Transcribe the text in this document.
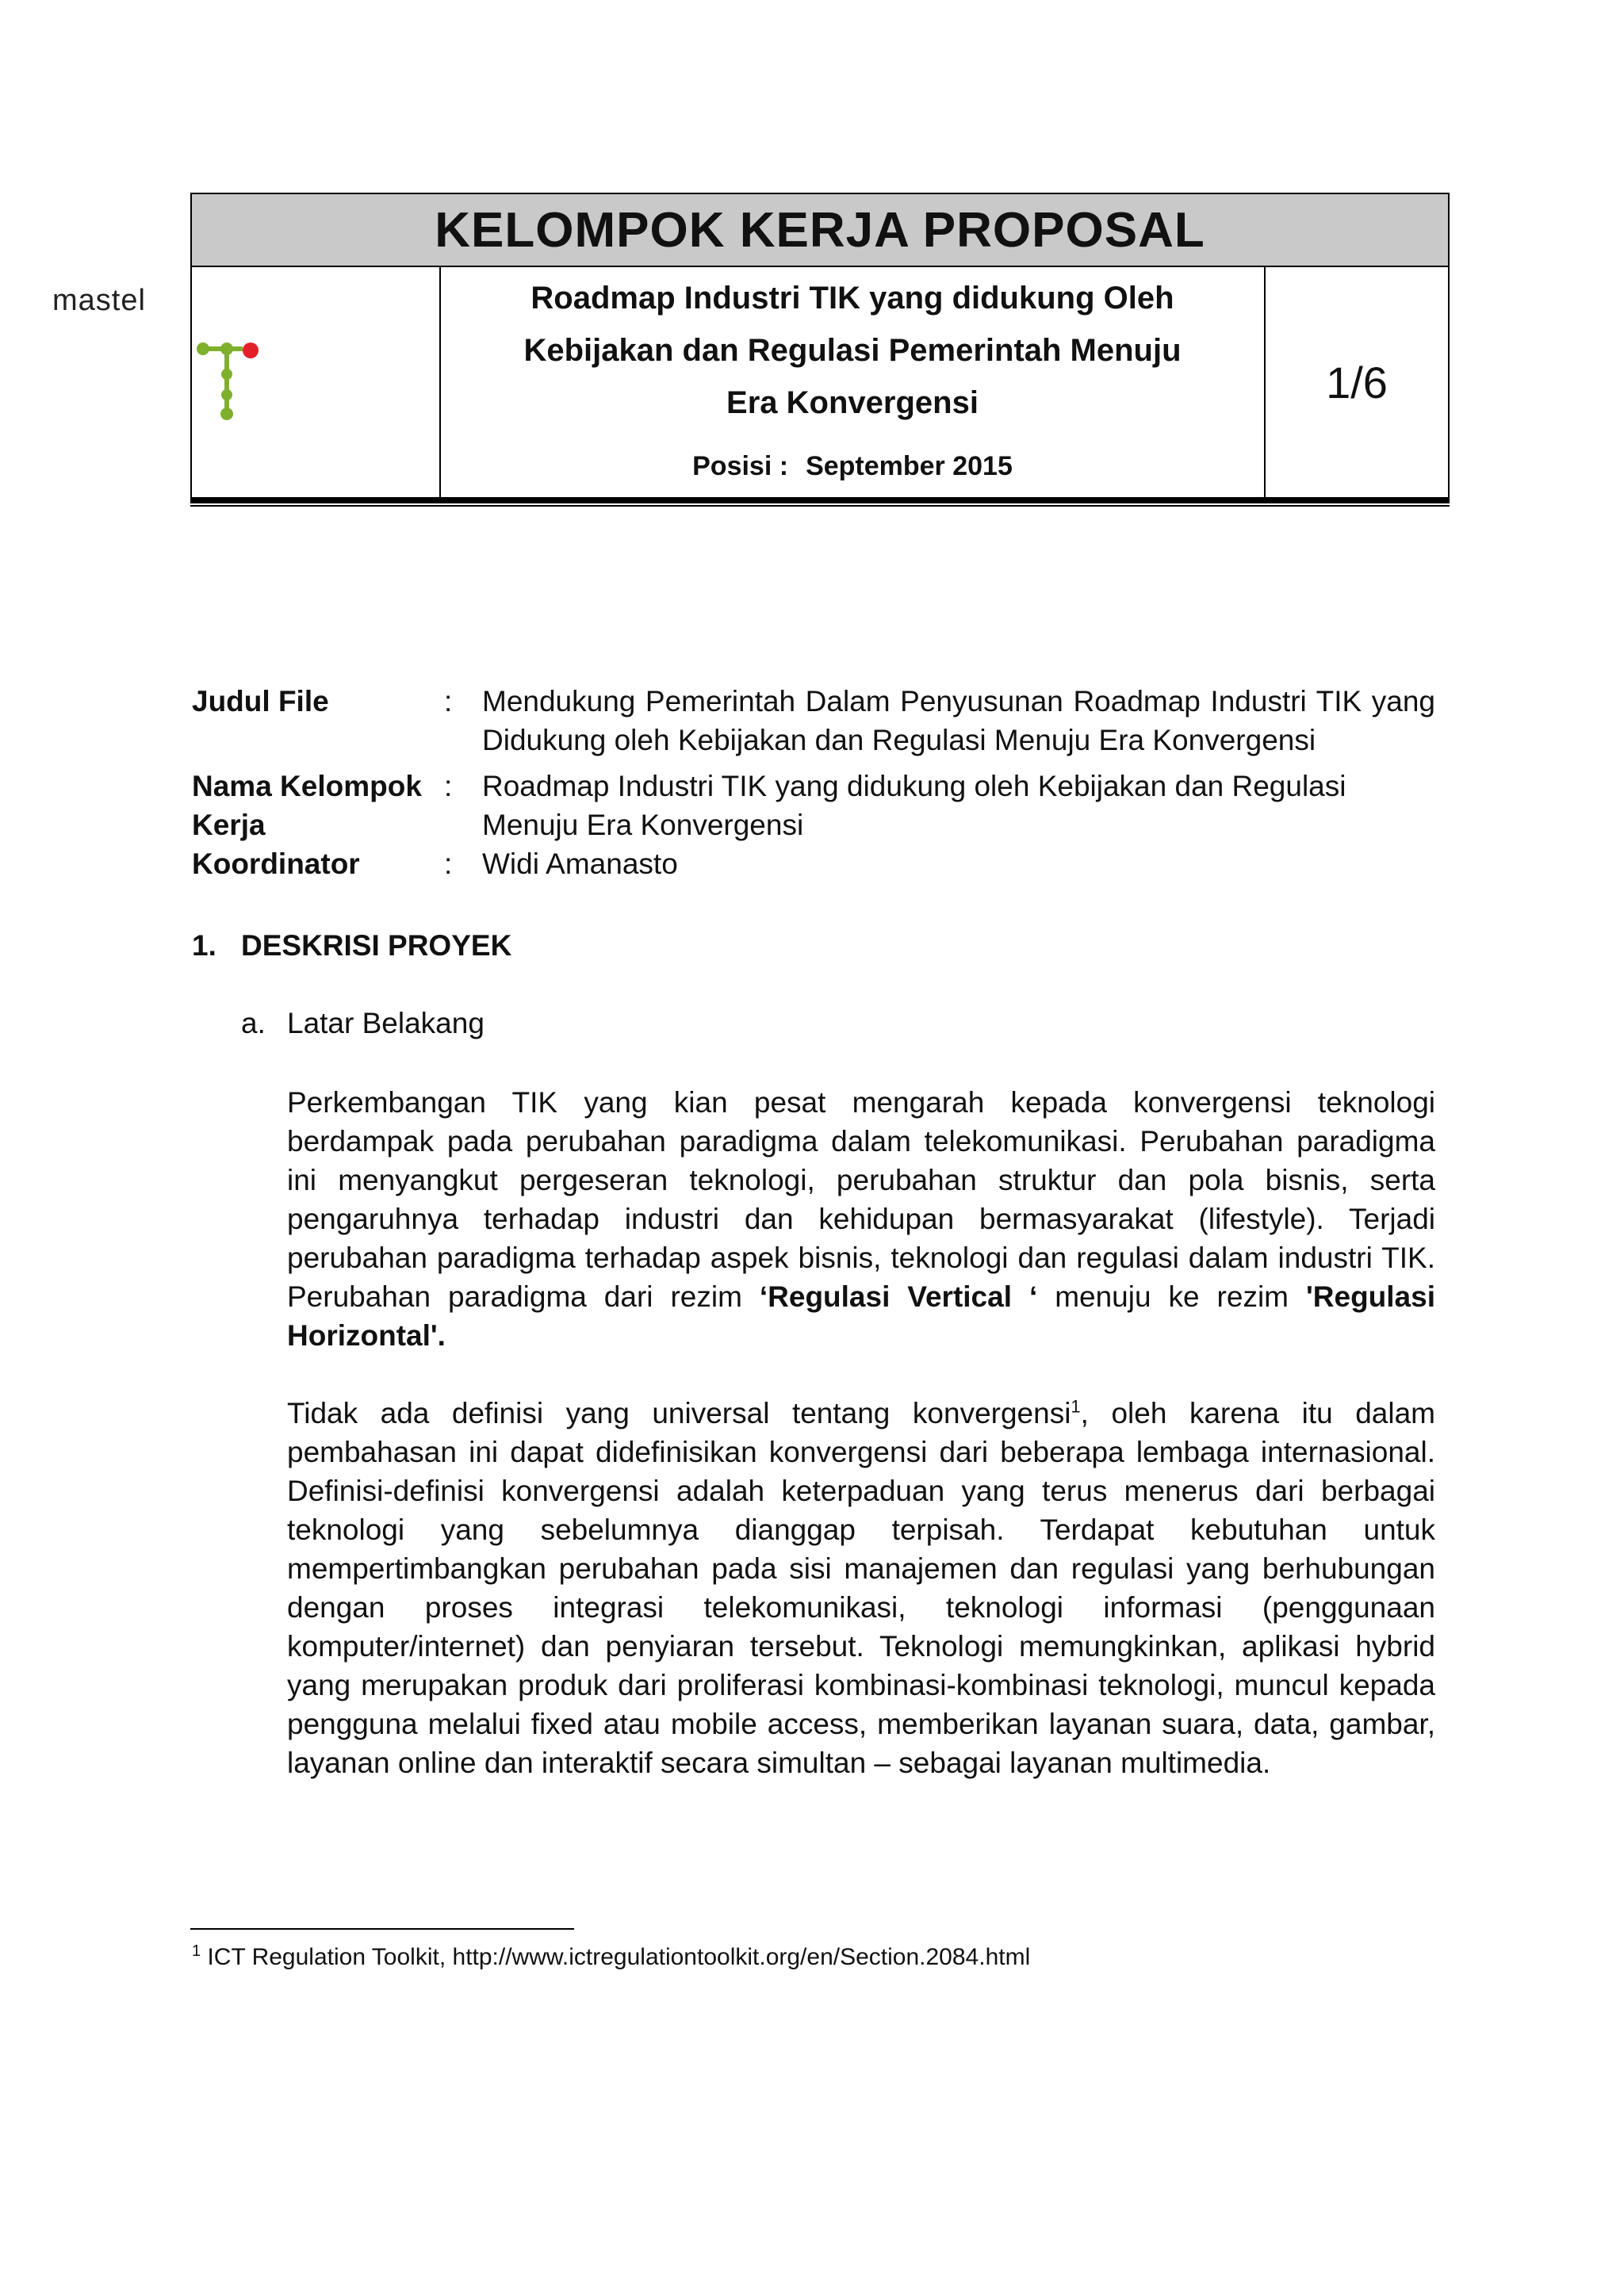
KELOMPOK KERJA PROPOSAL
Roadmap Industri TIK yang didukung Oleh
Kebijakan dan Regulasi Pemerintah Menuju
Era Konvergensi
Posisi : September 2015
1/6
mastel
Judul File	: Mendukung Pemerintah Dalam Penyusunan Roadmap Industri TIK yang Didukung oleh Kebijakan dan Regulasi Menuju Era Konvergensi
Nama Kelompok Kerja
: Roadmap Industri TIK yang didukung oleh Kebijakan dan Regulasi Menuju Era Konvergensi
Koordinator	: Widi Amanasto
1. DESKRISI PROYEK
a. Latar Belakang
Perkembangan TIK yang kian pesat mengarah kepada konvergensi teknologi berdampak pada perubahan paradigma dalam telekomunikasi. Perubahan paradigma ini menyangkut pergeseran teknologi, perubahan struktur dan pola bisnis, serta pengaruhnya terhadap industri dan kehidupan bermasyarakat (lifestyle). Terjadi perubahan paradigma terhadap aspek bisnis, teknologi dan regulasi dalam industri TIK. Perubahan paradigma dari rezim ‘Regulasi Vertical ‘ menuju ke rezim 'Regulasi Horizontal'.
Tidak ada definisi yang universal tentang konvergensi$^1$, oleh karena itu dalam pembahasan ini dapat didefinisikan konvergensi dari beberapa lembaga internasional. Definisi-definisi konvergensi adalah keterpaduan yang terus menerus dari berbagai teknologi yang sebelumnya dianggap terpisah. Terdapat kebutuhan untuk mempertimbangkan perubahan pada sisi manajemen dan regulasi yang berhubungan dengan proses integrasi telekomunikasi, teknologi informasi (penggunaan komputer/internet) dan penyiaran tersebut. Teknologi memungkinkan, aplikasi hybrid yang merupakan produk dari proliferasi kombinasi-kombinasi teknologi, muncul kepada pengguna melalui fixed atau mobile access, memberikan layanan suara, data, gambar, layanan online dan interaktif secara simultan – sebagai layanan multimedia.
$^1$ ICT Regulation Toolkit, http://www.ictregulationtoolkit.org/en/Section.2084.html
